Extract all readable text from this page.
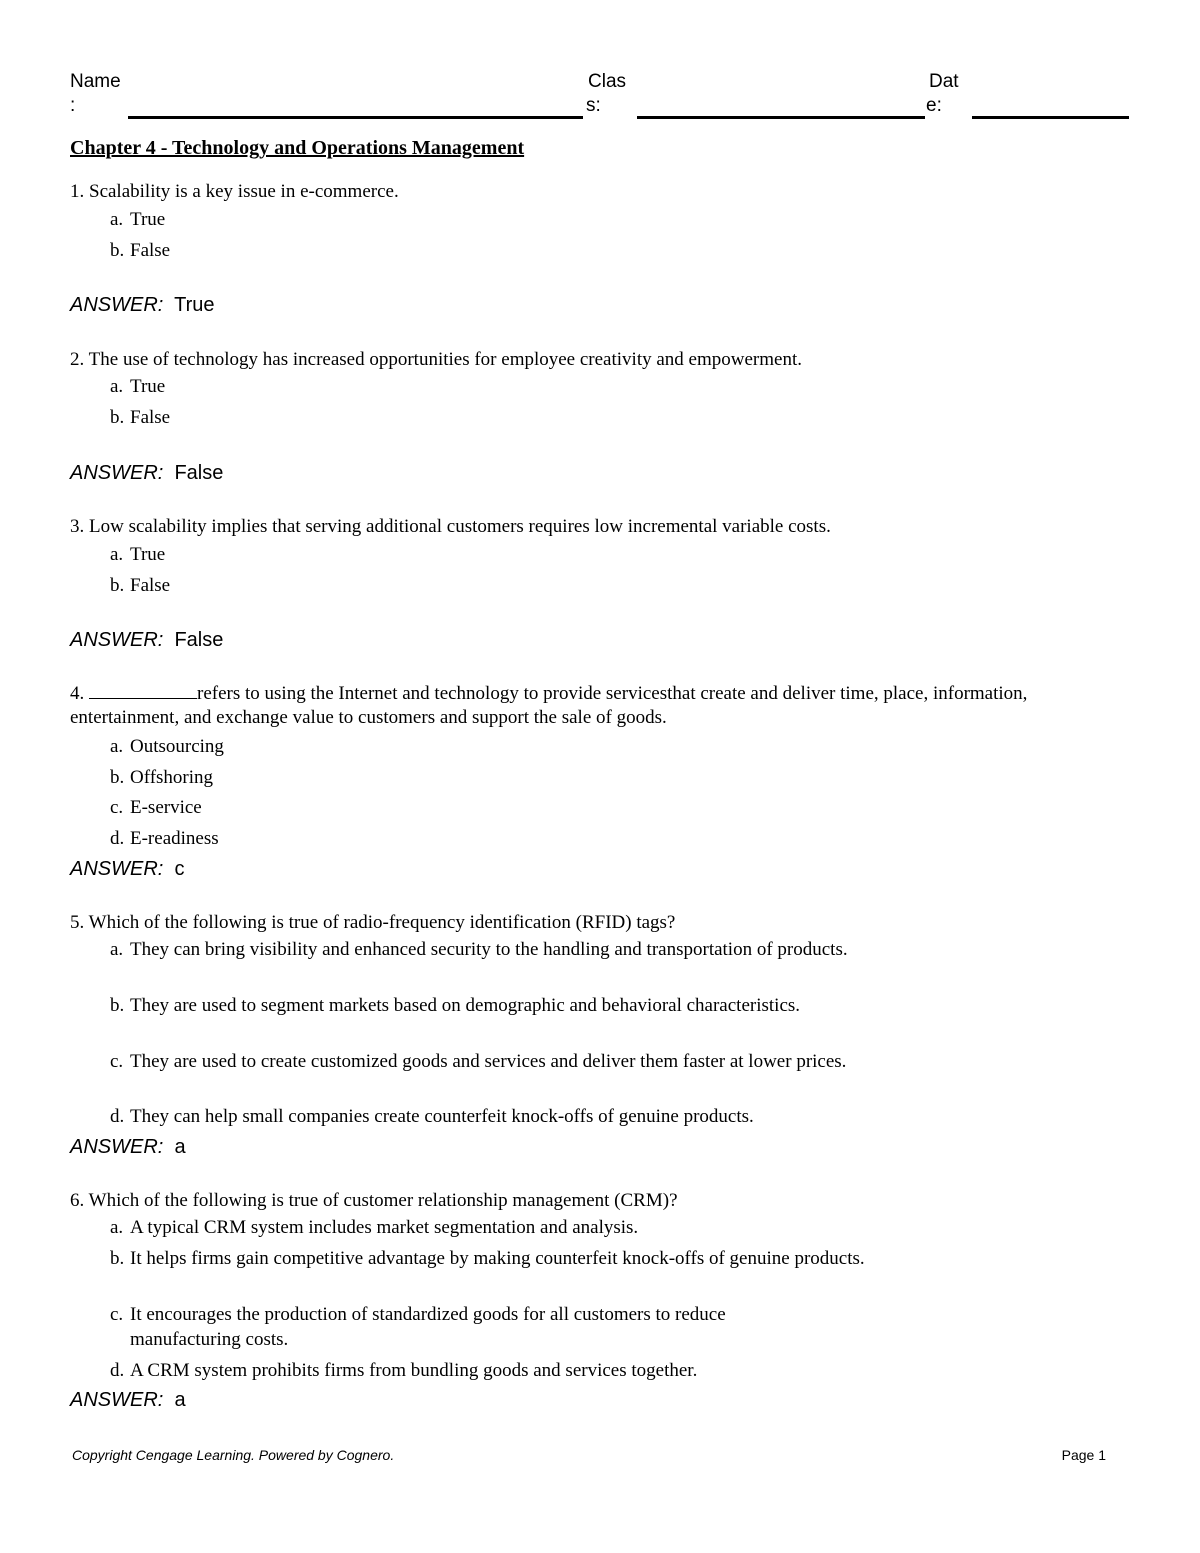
Name
:
Clas
s:
Dat
e:
Chapter 4 - Technology and Operations Management
1. Scalability is a key issue in e-commerce.
a. True
b. False
ANSWER: True
2. The use of technology has increased opportunities for employee creativity and empowerment.
a. True
b. False
ANSWER: False
3. Low scalability implies that serving additional customers requires low incremental variable costs.
a. True
b. False
ANSWER: False
4.	refers to using the Internet and technology to provide servicesthat create and deliver time, place, information, entertainment, and exchange value to customers and support the sale of goods.
a. Outsourcing
b. Offshoring
c. E-service
d. E-readiness
ANSWER: c
5. Which of the following is true of radio-frequency identification (RFID) tags?
a. They can bring visibility and enhanced security to the handling and transportation of products.
b. They are used to segment markets based on demographic and behavioral characteristics.
c. They are used to create customized goods and services and deliver them faster at lower prices.
d. They can help small companies create counterfeit knock-offs of genuine products.
ANSWER: a
6. Which of the following is true of customer relationship management (CRM)?
a. A typical CRM system includes market segmentation and analysis.
b. It helps firms gain competitive advantage by making counterfeit knock-offs of genuine products.
c. It encourages the production of standardized goods for all customers to reduce manufacturing costs.
d. A CRM system prohibits firms from bundling goods and services together.
ANSWER: a
Copyright Cengage Learning. Powered by Cognero.	Page 1
